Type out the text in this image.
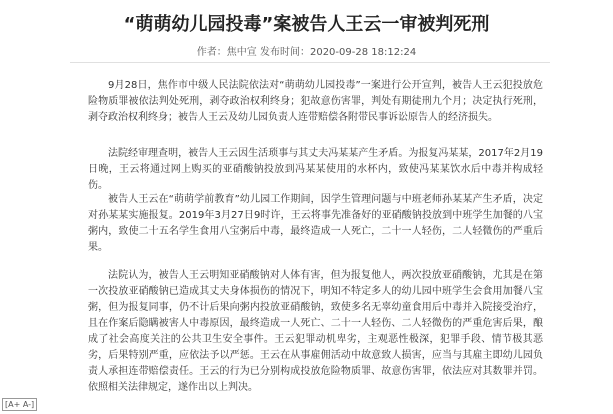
“萌萌幼儿园投毒”案被告人王云一审被判死刑
作者：焦中宣 发布时间：2020-09-28 18:12:24

9月28日，焦作市中级人民法院依法对“萌萌幼儿园投毒”一案进行公开宣判，被告人王云犯投放危险物质罪被依法判处死刑，剥夺政治权利终身；犯故意伤害罪，判处有期徒刑九个月；决定执行死刑，剥夺政治权利终身；被告人王云及幼儿园负责人连带赔偿各附带民事诉讼原告人的经济损失。

法院经审理查明，被告人王云因生活琐事与其丈夫冯某某产生矛盾。为报复冯某某，2017年2月19日晚，王云将通过网上购买的亚硝酸钠投放到冯某某使用的水杯内，致使冯某某饮水后中毒并构成轻伤。

被告人王云在“萌萌学前教育”幼儿园工作期间，因学生管理问题与中班老师孙某某产生矛盾，决定对孙某某实施报复。2019年3月27日9时许，王云将事先准备好的亚硝酸钠投放到中班学生加餐的八宝粥内，致使二十五名学生食用八宝粥后中毒，最终造成一人死亡，二十一人轻伤，二人轻微伤的严重后果。

法院认为，被告人王云明知亚硝酸钠对人体有害，但为报复他人，两次投放亚硝酸钠，尤其是在第一次投放亚硝酸钠已造成其丈夫身体损伤的情况下，明知不特定多人的幼儿园中班学生会食用加餐八宝粥，但为报复同事，仍不计后果向粥内投放亚硝酸钠，致使多名无辜幼童食用后中毒并入院接受治疗，且在作案后隐瞒被害人中毒原因，最终造成一人死亡、二十一人轻伤、二人轻微伤的严重危害后果，酿成了社会高度关注的公共卫生安全事件。王云犯罪动机卑劣，主观恶性极深，犯罪手段、情节极其恶劣，后果特别严重，应依法予以严惩。王云在从事雇佣活动中故意致人损害，应当与其雇主即幼儿园负责人承担连带赔偿责任。王云的行为已分别构成投放危险物质罪、故意伤害罪，依法应对其数罪并罚。依照相关法律规定，遂作出以上判决。

[A+ A-]
